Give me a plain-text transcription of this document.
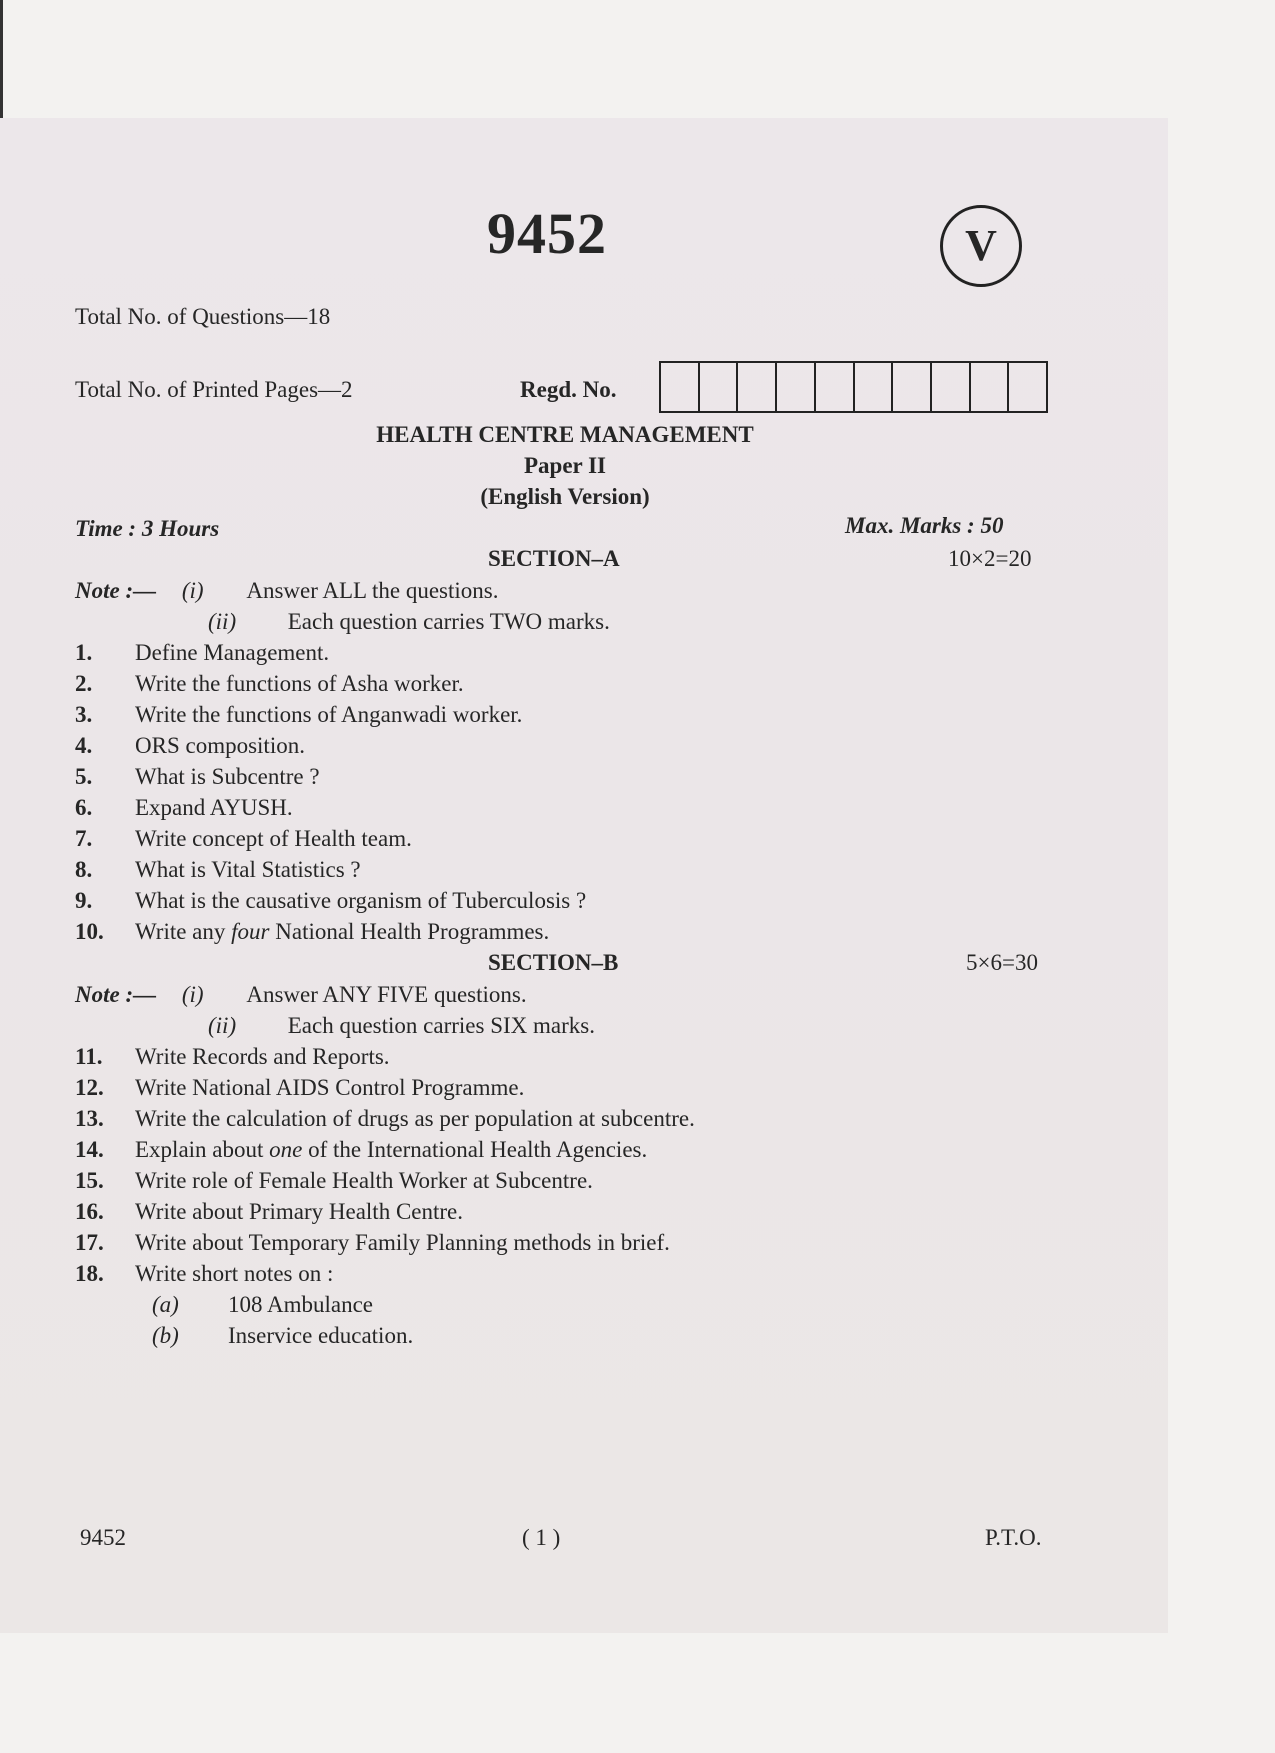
9452	V
Total No. of Questions—18
Total No. of Printed Pages—2	Regd. No.
HEALTH CENTRE MANAGEMENT
Paper II
(English Version)
Time : 3 Hours	Max. Marks : 50
SECTION–A	10×2=20
Note :— (i) Answer ALL the questions.
(ii) Each question carries TWO marks.
1. Define Management.
2. Write the functions of Asha worker.
3. Write the functions of Anganwadi worker.
4. ORS composition.
5. What is Subcentre ?
6. Expand AYUSH.
7. Write concept of Health team.
8. What is Vital Statistics ?
9. What is the causative organism of Tuberculosis ?
10. Write any four National Health Programmes.
SECTION–B	5×6=30
Note :— (i) Answer ANY FIVE questions.
(ii) Each question carries SIX marks.
11. Write Records and Reports.
12. Write National AIDS Control Programme.
13. Write the calculation of drugs as per population at subcentre.
14. Explain about one of the International Health Agencies.
15. Write role of Female Health Worker at Subcentre.
16. Write about Primary Health Centre.
17. Write about Temporary Family Planning methods in brief.
18. Write short notes on :
(a) 108 Ambulance
(b) Inservice education.
9452	( 1 )	P.T.O.
